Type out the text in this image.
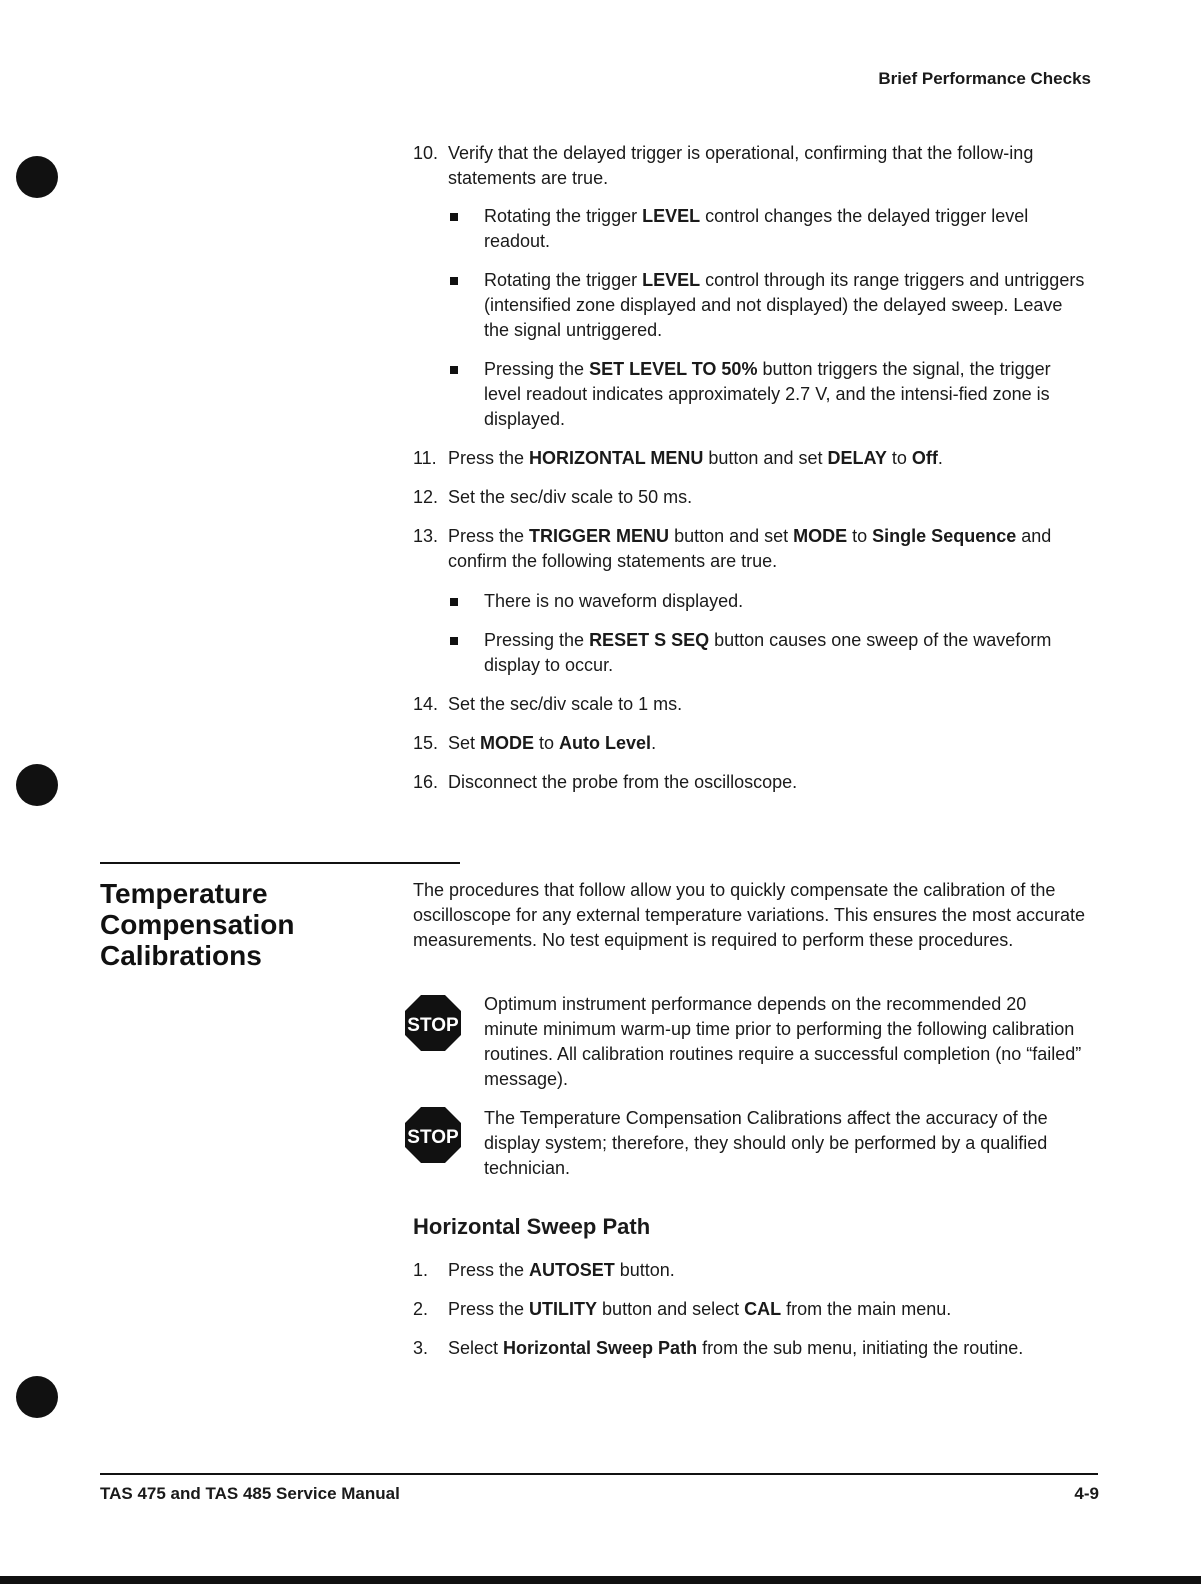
Brief Performance Checks
10. Verify that the delayed trigger is operational, confirming that the follow-ing statements are true.
Rotating the trigger LEVEL control changes the delayed trigger level readout.
Rotating the trigger LEVEL control through its range triggers and untriggers (intensified zone displayed and not displayed) the delayed sweep. Leave the signal untriggered.
Pressing the SET LEVEL TO 50% button triggers the signal, the trigger level readout indicates approximately 2.7 V, and the intensi-fied zone is displayed.
11. Press the HORIZONTAL MENU button and set DELAY to Off.
12. Set the sec/div scale to 50 ms.
13. Press the TRIGGER MENU button and set MODE to Single Sequence and confirm the following statements are true.
There is no waveform displayed.
Pressing the RESET S SEQ button causes one sweep of the waveform display to occur.
14. Set the sec/div scale to 1 ms.
15. Set MODE to Auto Level.
16. Disconnect the probe from the oscilloscope.
Temperature
Compensation
Calibrations
The procedures that follow allow you to quickly compensate the calibration of the oscilloscope for any external temperature variations. This ensures the most accurate measurements. No test equipment is required to perform these procedures.
STOP
Optimum instrument performance depends on the recommended 20 minute minimum warm-up time prior to performing the following calibration routines. All calibration routines require a successful completion (no “failed” message).
STOP
The Temperature Compensation Calibrations affect the accuracy of the display system; therefore, they should only be performed by a qualified technician.
Horizontal Sweep Path
1.	Press the AUTOSET button.
2.	Press the UTILITY button and select CAL from the main menu.
3.	Select Horizontal Sweep Path from the sub menu, initiating the routine.
TAS 475 and TAS 485 Service Manual	4-9
